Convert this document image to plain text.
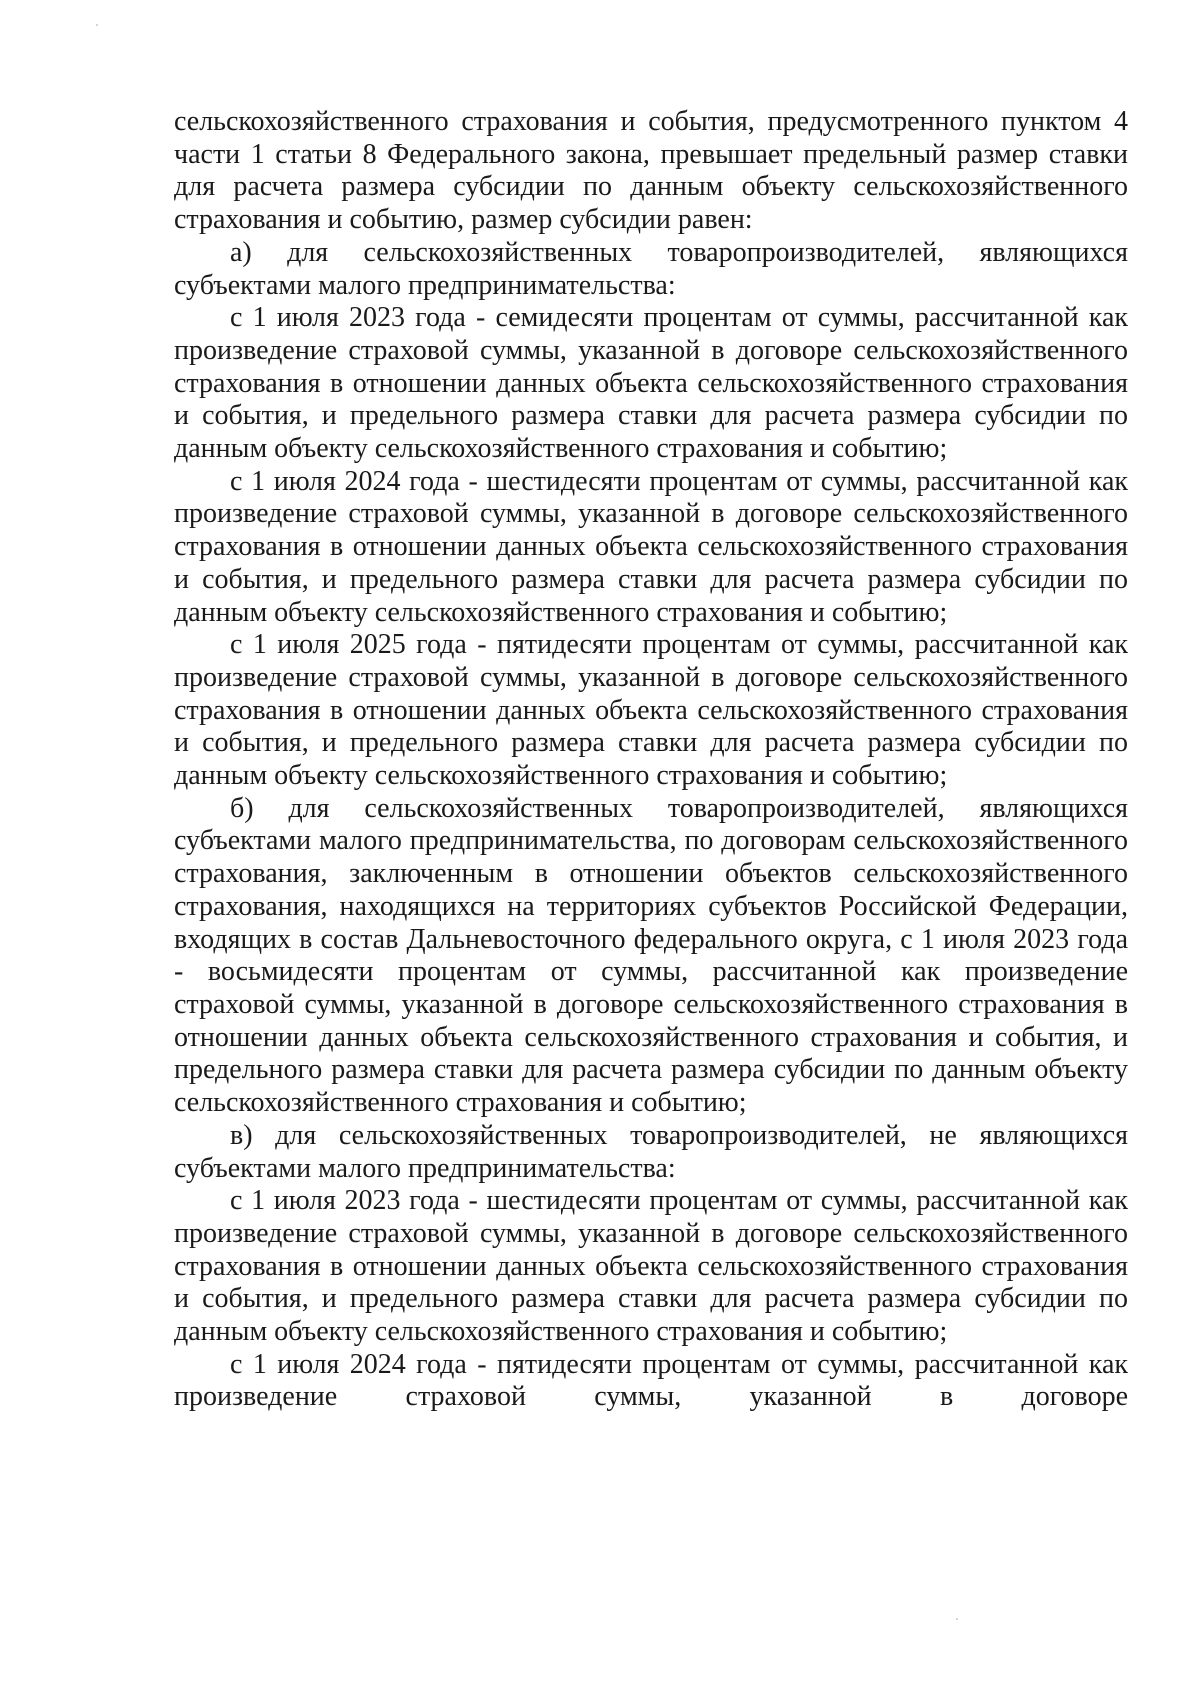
сельскохозяйственного страхования и события, предусмотренного пунктом 4 части 1 статьи 8 Федерального закона, превышает предельный размер ставки для расчета размера субсидии по данным объекту сельскохозяйственного страхования и событию, размер субсидии равен:

а) для сельскохозяйственных товаропроизводителей, являющихся субъектами малого предпринимательства:

с 1 июля 2023 года - семидесяти процентам от суммы, рассчитанной как произведение страховой суммы, указанной в договоре сельскохозяйственного страхования в отношении данных объекта сельскохозяйственного страхования и события, и предельного размера ставки для расчета размера субсидии по данным объекту сельскохозяйственного страхования и событию;

с 1 июля 2024 года - шестидесяти процентам от суммы, рассчитанной как произведение страховой суммы, указанной в договоре сельскохозяйственного страхования в отношении данных объекта сельскохозяйственного страхования и события, и предельного размера ставки для расчета размера субсидии по данным объекту сельскохозяйственного страхования и событию;

с 1 июля 2025 года - пятидесяти процентам от суммы, рассчитанной как произведение страховой суммы, указанной в договоре сельскохозяйственного страхования в отношении данных объекта сельскохозяйственного страхования и события, и предельного размера ставки для расчета размера субсидии по данным объекту сельскохозяйственного страхования и событию;

б) для сельскохозяйственных товаропроизводителей, являющихся субъектами малого предпринимательства, по договорам сельскохозяйственного страхования, заключенным в отношении объектов сельскохозяйственного страхования, находящихся на территориях субъектов Российской Федерации, входящих в состав Дальневосточного федерального округа, с 1 июля 2023 года - восьмидесяти процентам от суммы, рассчитанной как произведение страховой суммы, указанной в договоре сельскохозяйственного страхования в отношении данных объекта сельскохозяйственного страхования и события, и предельного размера ставки для расчета размера субсидии по данным объекту сельскохозяйственного страхования и событию;

в) для сельскохозяйственных товаропроизводителей, не являющихся субъектами малого предпринимательства:

с 1 июля 2023 года - шестидесяти процентам от суммы, рассчитанной как произведение страховой суммы, указанной в договоре сельскохозяйственного страхования в отношении данных объекта сельскохозяйственного страхования и события, и предельного размера ставки для расчета размера субсидии по данным объекту сельскохозяйственного страхования и событию;

с 1 июля 2024 года - пятидесяти процентам от суммы, рассчитанной как произведение страховой суммы, указанной в договоре
